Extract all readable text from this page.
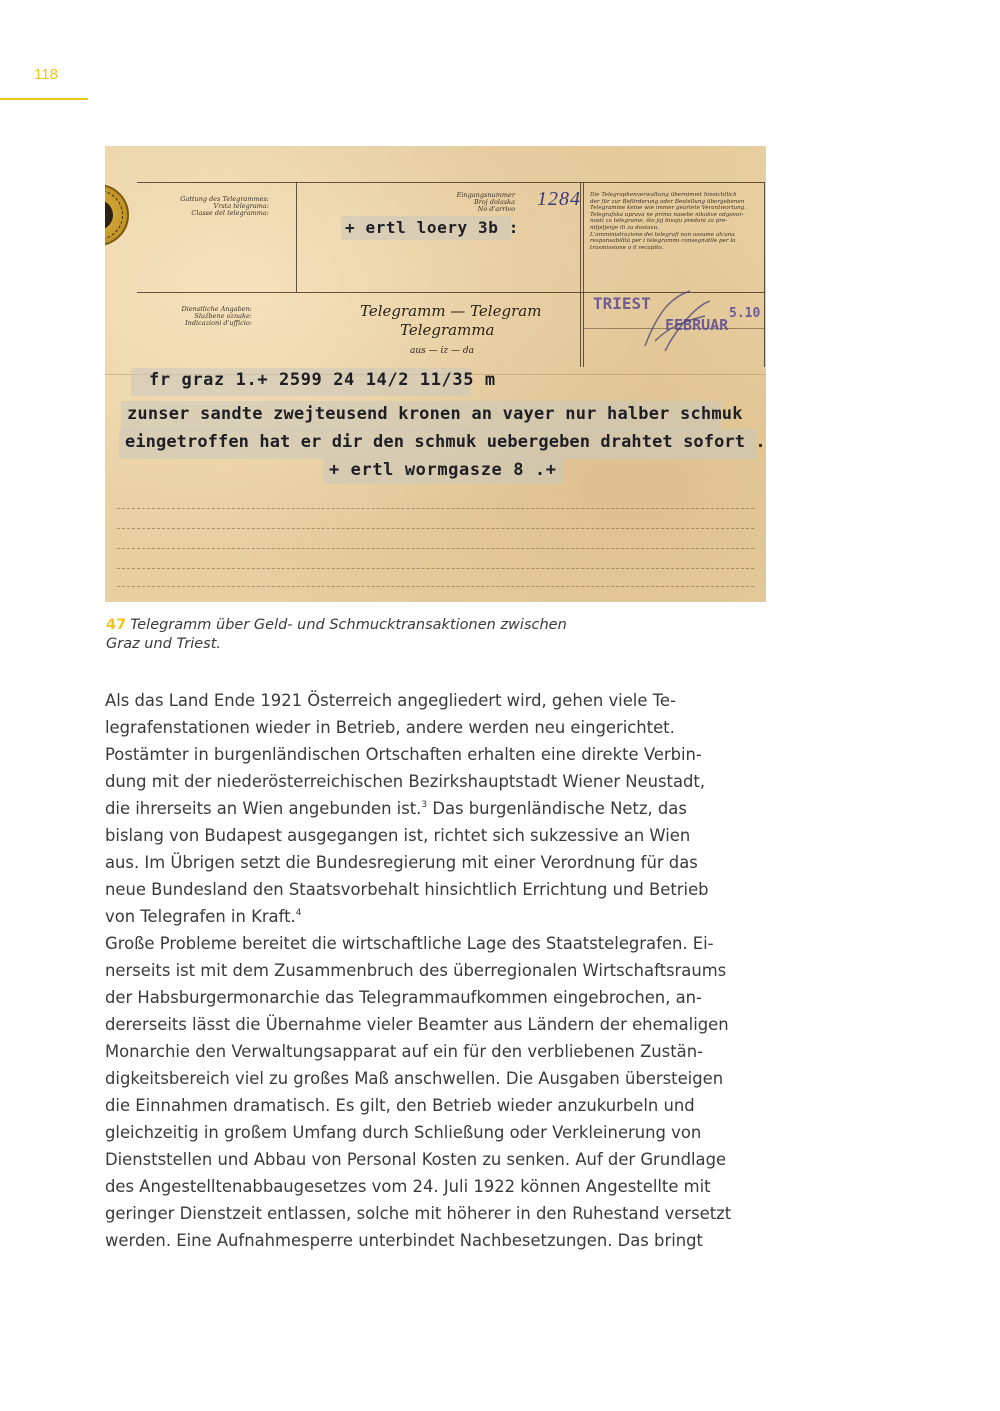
118
Gattung des Telegrammes:
Vrsta telegrama:
Classe del telegramma:
Dienstliche Angaben:
Službene oznake:
Indicazioni d'ufficio:
Eingangsnummer
Broj dolaska
No d'arrivo 1284
+ ertl loery 3b :
Die Telegraphenverwaltung übernimmt hinsichtlich
der für zur Beförderung oder Bestellung übergebenen
Telegramme keine wie immer geartete Verantwortung.
Telegrafska uprava ne prima nasebe nikakve odgovor-
nosti za telegrame, što joj bivaju predani za pre-
nitjeljenje ili za dostavu.
L'amministrazione dei telegrafi non assume alcuna
responsabilità per i telegrammi consegnatile per la
trasmissione o il recapito.
Telegramm — Telegram
Telegramma
aus — iz — da
TRIEST
FEBRUAR
5.10
fr graz 1.+ 2599 24 14/2 11/35 m
zunser sandte zwejteusend kronen an vayer nur halber schmuk
eingetroffen hat er dir den schmuk uebergeben drahtet sofort .
+ ertl wormgasze 8 .+
47 Telegramm über Geld- und Schmucktransaktionen zwischen
Graz und Triest.
Als das Land Ende 1921 Österreich angegliedert wird, gehen viele Te-
legrafenstationen wieder in Betrieb, andere werden neu eingerichtet.
Postämter in burgenländischen Ortschaften erhalten eine direkte Verbin-
dung mit der niederösterreichischen Bezirkshauptstadt Wiener Neustadt,
die ihrerseits an Wien angebunden ist.$^3$ Das burgenländische Netz, das
bislang von Budapest ausgegangen ist, richtet sich sukzessive an Wien
aus. Im Übrigen setzt die Bundesregierung mit einer Verordnung für das
neue Bundesland den Staatsvorbehalt hinsichtlich Errichtung und Betrieb
von Telegrafen in Kraft.$^4$
Große Probleme bereitet die wirtschaftliche Lage des Staatstelegrafen. Ei-
nerseits ist mit dem Zusammenbruch des überregionalen Wirtschaftsraums
der Habsburgermonarchie das Telegrammaufkommen eingebrochen, an-
dererseits lässt die Übernahme vieler Beamter aus Ländern der ehemaligen
Monarchie den Verwaltungsapparat auf ein für den verbliebenen Zustän-
digkeitsbereich viel zu großes Maß anschwellen. Die Ausgaben übersteigen
die Einnahmen dramatisch. Es gilt, den Betrieb wieder anzukurbeln und
gleichzeitig in großem Umfang durch Schließung oder Verkleinerung von
Dienststellen und Abbau von Personal Kosten zu senken. Auf der Grundlage
des Angestelltenabbaugesetzes vom 24. Juli 1922 können Angestellte mit
geringer Dienstzeit entlassen, solche mit höherer in den Ruhestand versetzt
werden. Eine Aufnahmesperre unterbindet Nachbesetzungen. Das bringt
